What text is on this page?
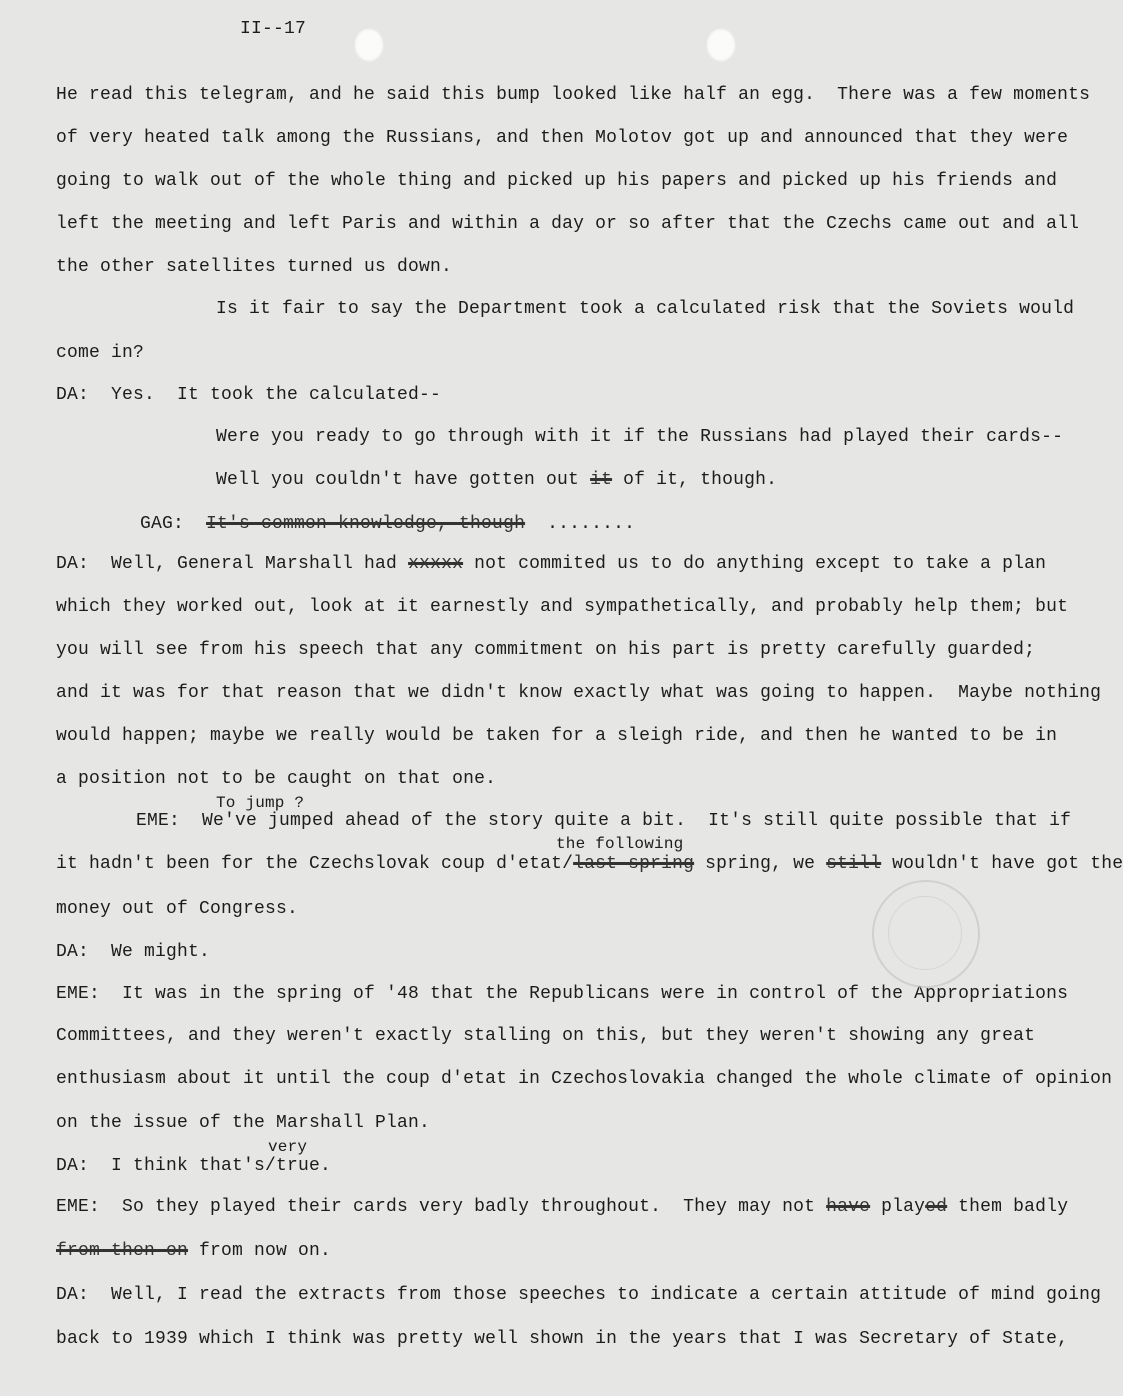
II--17
He read this telegram, and he said this bump looked like half an egg.  There was a few moments
of very heated talk among the Russians, and then Molotov got up and announced that they were
going to walk out of the whole thing and picked up his papers and picked up his friends and
left the meeting and left Paris and within a day or so after that the Czechs came out and all
the other satellites turned us down.
Is it fair to say the Department took a calculated risk that the Soviets would
come in?
DA:  Yes.  It took the calculated--
Were you ready to go through with it if the Russians had played their cards--
Well you couldn't have gotten out it of it, though.
GAG:  It's common knowledge, though  ........
DA:  Well, General Marshall had xxxxx not commited us to do anything except to take a plan
which they worked out, look at it earnestly and sympathetically, and probably help them; but
you will see from his speech that any commitment on his part is pretty carefully guarded;
and it was for that reason that we didn't know exactly what was going to happen.  Maybe nothing
would happen; maybe we really would be taken for a sleigh ride, and then he wanted to be in
a position not to be caught on that one.
To jump ?
EME:  We've jumped ahead of the story quite a bit.  It's still quite possible that if
the following
it hadn't been for the Czechslovak coup d'etat/last spring spring, we still wouldn't have got the
money out of Congress.
DA:  We might.
EME:  It was in the spring of '48 that the Republicans were in control of the Appropriations
Committees, and they weren't exactly stalling on this, but they weren't showing any great
enthusiasm about it until the coup d'etat in Czechoslovakia changed the whole climate of opinion
on the issue of the Marshall Plan.
very
DA:  I think that's/true.
EME:  So they played their cards very badly throughout.  They may not have played them badly
from then on from now on.
DA:  Well, I read the extracts from those speeches to indicate a certain attitude of mind going
back to 1939 which I think was pretty well shown in the years that I was Secretary of State,
